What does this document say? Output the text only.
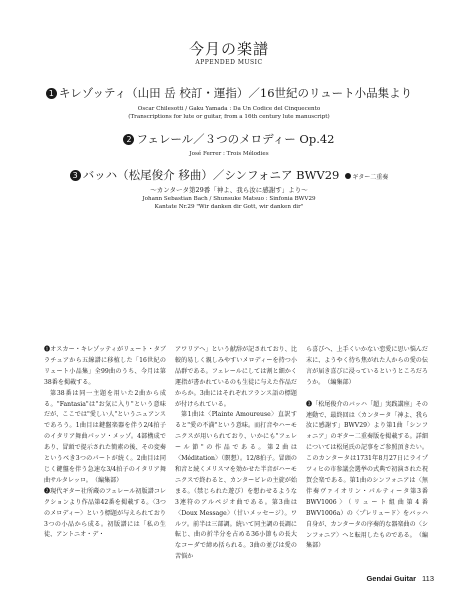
今月の楽譜
APPENDED MUSIC
1 キレゾッティ（山田 岳 校訂・運指）／16世紀のリュート小品集より
Oscar Chilesotti / Gaku Yamada : Da Un Codice del Cinquecento
(Transcriptions for lute or guitar, from a 16th century lute manuscript)
2 フェレール／３つのメロディー Op.42
José Ferrer : Trois Mélodies
3 バッハ（松尾俊介 移曲）／シンフォニア BWV29 ギター二重奏
～カンタータ第29番「神よ、我ら汝に感謝す」より～
Johann Sebastian Bach / Shunsuke Matsuo : Sinfonia BWV29
Kantate Nr.29 "Wir danken dir Gott, wir danken dir"

❶オスカー・キレゾッティがリュート・タブラチュアから五線譜に移植した「16世紀のリュート小品集」全99曲のうち、今月は第38番を掲載する。

第38番は同一主題を用いた2曲から成る。"Fantasia"は"お気に入り"という意味だが、ここでは"愛しい人"というニュアンスであろう。1曲目は鍵盤楽器を伴う2/4拍子のイタリア舞曲パッソ・メッゾ。4部構成であり、冒頭で提示された簡素の後、その変奏というべき3つのパートが続く。2曲目は同じく鍵盤を伴う急速な3/4拍子のイタリア舞曲サルタレッロ。　（編集部）

❷現代ギター社所蔵のフェレール初版譜コレクションより作品第42番を掲載する。〈3つのメロディー〉という標題が与えられており3つの小品から成る。初版譜には「私の生徒、アントニオ・デ・

アワリアへ」という献辞が記されており、比較的易しく親しみやすいメロディーを持つ小品群である。フェレールにしては割と細かく運指が書かれているのも生徒に与えた作品だからか。3曲にはそれぞれフランス語の標題が付けられている。

第1曲は〈Plainte Amoureuse〉直訳すると"愛の不満"という意味。而打音やハーモニクスが用いられており、いかにも"フェレール節"の作品である。第2曲は〈Méditation〉（瞑想）。12/8拍子。冒頭の和音と続くメリスマを効かせた半音がハーモニクスで終わると、カンタービレの主旋が始まる。（禁じられた遊び）を想わせるような3連符のアルペジオ曲である。第3曲は〈Doux Message〉（甘いメッセージ）。ワルツ。前半は三部調。続いて同主調の長調に転じ、曲の折半分を占める36小節もの長大なコーダで締め括られる。3曲の並びは愛の苦悩か

ら喜びへ、上手くいかない恋愛に思い悩んだ末に、ようやく待ち焦がれた人からの愛の伝言が届き喜びに浸っているというところだろうか。　（編集部）

❸「松尾俊介のバッハ「超」実践講座」その連動で、最終回は〈カンタータ「神よ、我ら汝に感謝す」BWV29〉より第1曲「シンフォニア」のギター二重奏版を掲載する。詳細については松尾氏の記事をご参照頂きたい。このカンタータは1731年8月27日にライプツィヒの市参議会選挙の式典で初演された祝賀会楽である。第1曲のシンフォニアは〈無伴奏ヴァイオリン・パルティータ第3番BWV1006〉（リュート組曲第4番BWV1006a）の〈プレリュード〉をバッハ自身が、カンタータの序奏的な器楽曲の〈シンフォニア〉へと転用したものである。　（編集部）

Gendai Guitar 113
